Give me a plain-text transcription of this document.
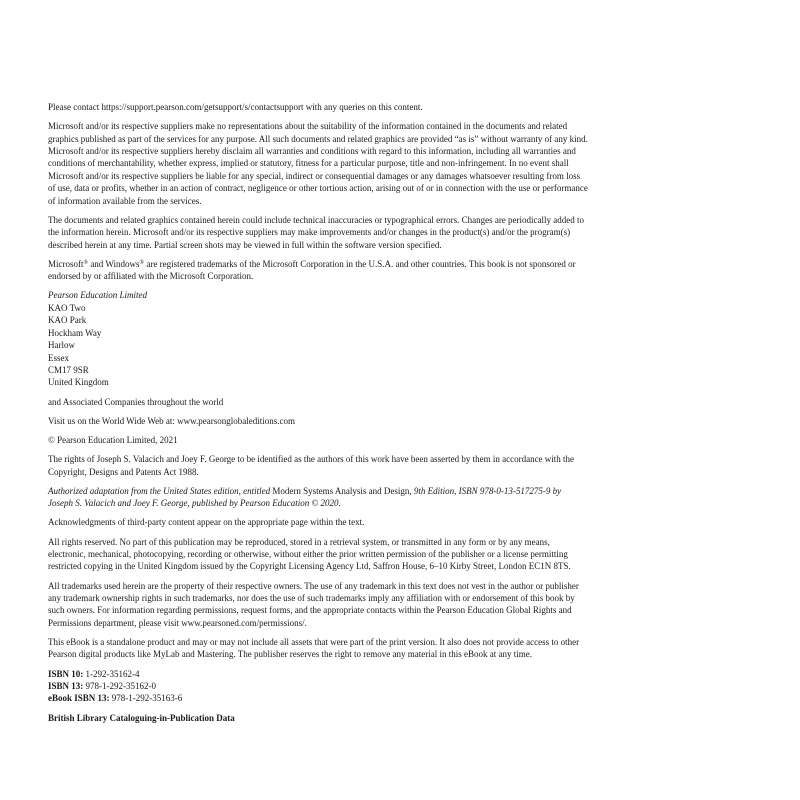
Please contact https://support.pearson.com/getsupport/s/contactsupport with any queries on this content.

Microsoft and/or its respective suppliers make no representations about the suitability of the information contained in the documents and related graphics published as part of the services for any purpose. All such documents and related graphics are provided “as is” without warranty of any kind. Microsoft and/or its respective suppliers hereby disclaim all warranties and conditions with regard to this information, including all warranties and conditions of merchantability, whether express, implied or statutory, fitness for a particular purpose, title and non-infringement. In no event shall Microsoft and/or its respective suppliers be liable for any special, indirect or consequential damages or any damages whatsoever resulting from loss of use, data or profits, whether in an action of contract, negligence or other tortious action, arising out of or in connection with the use or performance of information available from the services.

The documents and related graphics contained herein could include technical inaccuracies or typographical errors. Changes are periodically added to the information herein. Microsoft and/or its respective suppliers may make improvements and/or changes in the product(s) and/or the program(s) described herein at any time. Partial screen shots may be viewed in full within the software version specified.

Microsoft® and Windows® are registered trademarks of the Microsoft Corporation in the U.S.A. and other countries. This book is not sponsored or endorsed by or affiliated with the Microsoft Corporation.

Pearson Education Limited

KAO Two

KAO Park

Hockham Way

Harlow

Essex

CM17 9SR

United Kingdom

and Associated Companies throughout the world

Visit us on the World Wide Web at: www.pearsonglobaleditions.com

© Pearson Education Limited, 2021

The rights of Joseph S. Valacich and Joey F. George to be identified as the authors of this work have been asserted by them in accordance with the Copyright, Designs and Patents Act 1988.

Authorized adaptation from the United States edition, entitled Modern Systems Analysis and Design, 9th Edition, ISBN 978-0-13-517275-9 by Joseph S. Valacich and Joey F. George, published by Pearson Education © 2020.

Acknowledgments of third-party content appear on the appropriate page within the text.

All rights reserved. No part of this publication may be reproduced, stored in a retrieval system, or transmitted in any form or by any means, electronic, mechanical, photocopying, recording or otherwise, without either the prior written permission of the publisher or a license permitting restricted copying in the United Kingdom issued by the Copyright Licensing Agency Ltd, Saffron House, 6–10 Kirby Street, London EC1N 8TS.

All trademarks used herein are the property of their respective owners. The use of any trademark in this text does not vest in the author or publisher any trademark ownership rights in such trademarks, nor does the use of such trademarks imply any affiliation with or endorsement of this book by such owners. For information regarding permissions, request forms, and the appropriate contacts within the Pearson Education Global Rights and Permissions department, please visit www.pearsoned.com/permissions/.

This eBook is a standalone product and may or may not include all assets that were part of the print version. It also does not provide access to other Pearson digital products like MyLab and Mastering. The publisher reserves the right to remove any material in this eBook at any time.

ISBN 10: 1-292-35162-4
ISBN 13: 978-1-292-35162-0
eBook ISBN 13: 978-1-292-35163-6

British Library Cataloguing-in-Publication Data
